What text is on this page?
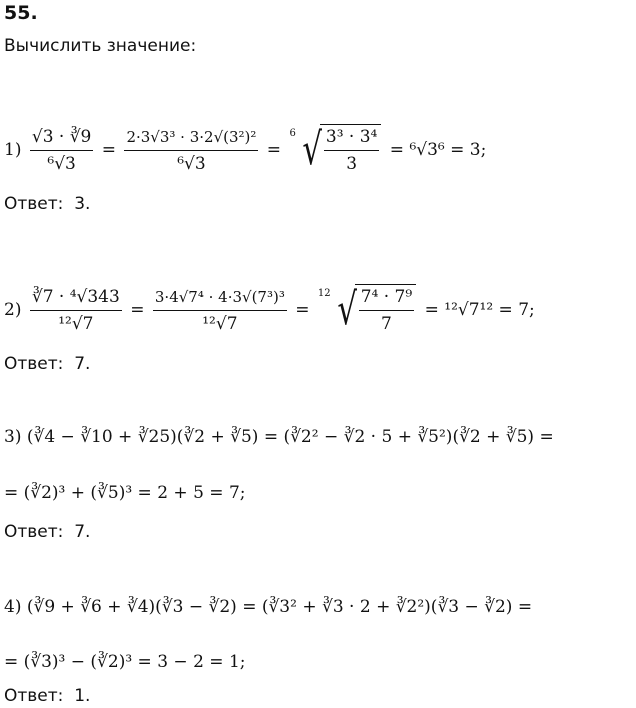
55.
Вычислить значение:
1)
$\frac{√3 \cdot ∛9}{\text{⁶√3}} = \frac{\text{2·3√3³ · 3·2√(3²)²}}{\text{⁶√3}}$ =
6 √ $\frac{\text{3³ · 3⁴}}{3} = ^6√3^6 = 3$;
Ответ: 3.
2)
$\frac{\text{∛7 · ⁴√343}}{\text{¹²√7}} = \frac{\text{3·4√7⁴ · 4·3√(7³)³}}{\text{¹²√7}}$ =
12 √ $\frac{\text{7⁴ · 7⁹}}{7} = ^{12}√7^{12} = 7$;
Ответ: 7.
3) (∛4 − ∛10 + ∛25)(∛2 + ∛5) = (∛2² − ∛2 · 5 + ∛5²)(∛2 + ∛5) =
= (∛2)³ + (∛5)³ = 2 + 5 = 7;
Ответ: 7.
4) (∛9 + ∛6 + ∛4)(∛3 − ∛2) = (∛3² + ∛3 · 2 + ∛2²)(∛3 − ∛2) =
= (∛3)³ − (∛2)³ = 3 − 2 = 1;
Ответ: 1.
